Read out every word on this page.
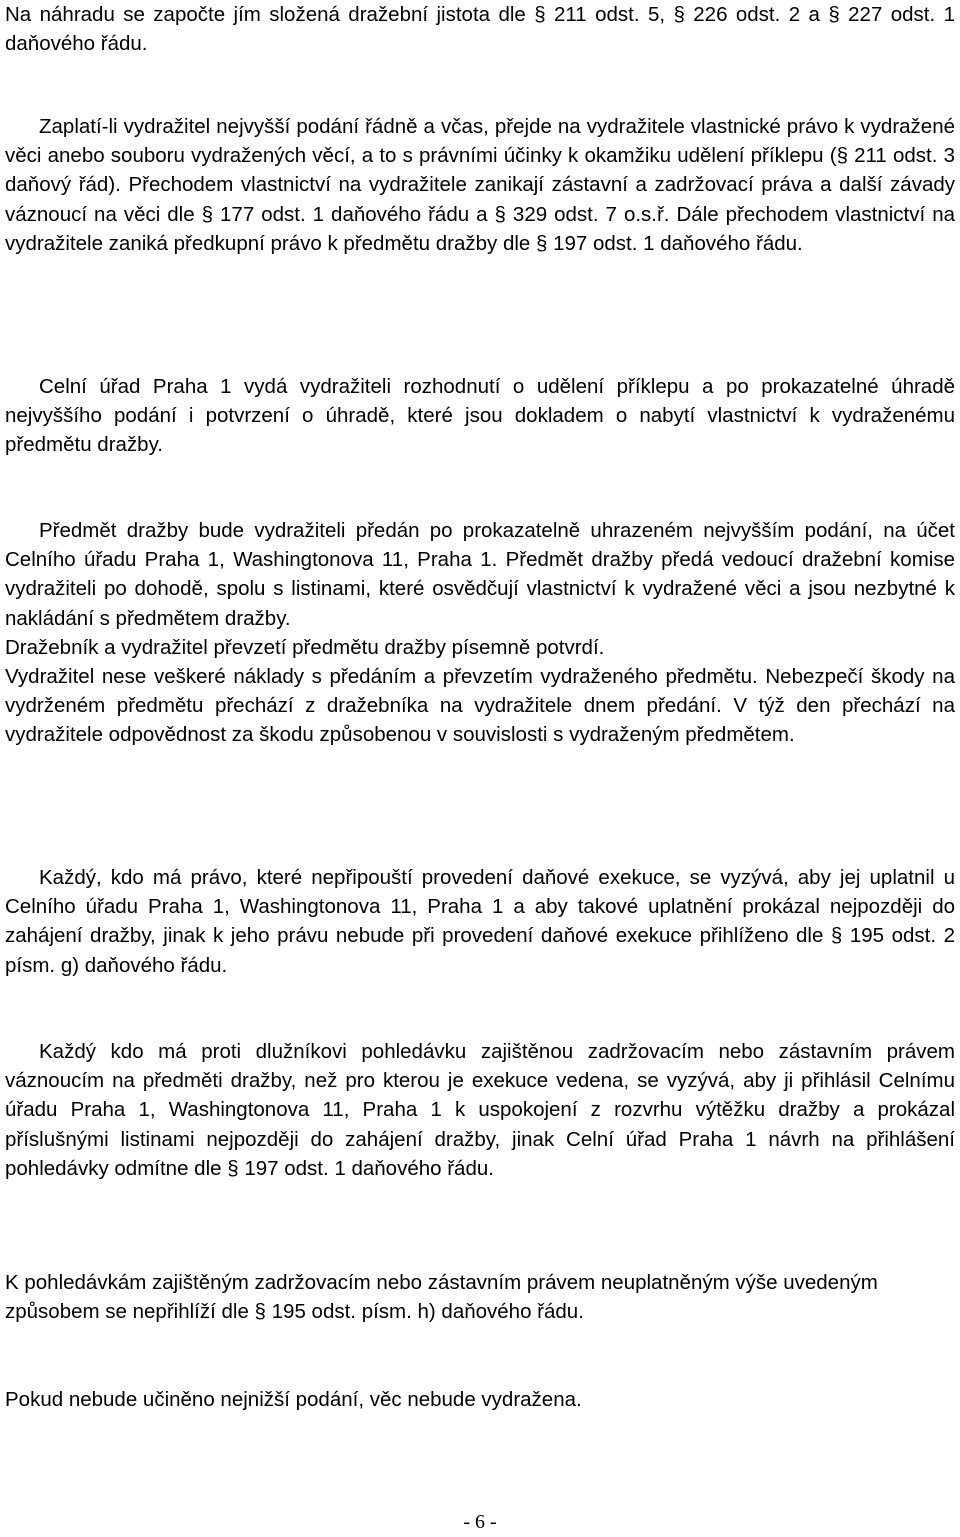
Na náhradu se započte jím složená dražební jistota dle § 211 odst. 5, § 226 odst. 2 a § 227 odst. 1 daňového řádu.

Zaplatí-li vydražitel nejvyšší podání řádně a včas, přejde na vydražitele vlastnické právo k vydražené věci anebo souboru vydražených věcí, a to s právními účinky k okamžiku udělení příklepu (§ 211 odst. 3 daňový řád). Přechodem vlastnictví na vydražitele zanikají zástavní a zadržovací práva a další závady váznoucí na věci dle § 177 odst. 1 daňového řádu a § 329 odst. 7 o.s.ř. Dále přechodem vlastnictví na vydražitele zaniká předkupní právo k předmětu dražby dle § 197 odst. 1 daňového řádu.

Celní úřad Praha 1 vydá vydražiteli rozhodnutí o udělení příklepu a po prokazatelné úhradě nejvyššího podání i potvrzení o úhradě, které jsou dokladem o nabytí vlastnictví k vydraženému předmětu dražby.

Předmět dražby bude vydražiteli předán po prokazatelně uhrazeném nejvyšším podání, na účet Celního úřadu Praha 1, Washingtonova 11, Praha 1. Předmět dražby předá vedoucí dražební komise vydražiteli po dohodě, spolu s listinami, které osvědčují vlastnictví k vydražené věci a jsou nezbytné k nakládání s předmětem dražby.

Dražebník a vydražitel převzetí předmětu dražby písemně potvrdí.

Vydražitel nese veškeré náklady s předáním a převzetím vydraženého předmětu. Nebezpečí škody na vydrženém předmětu přechází z dražebníka na vydražitele dnem předání. V týž den přechází na vydražitele odpovědnost za škodu způsobenou v souvislosti s vydraženým předmětem.

Každý, kdo má právo, které nepřipouští provedení daňové exekuce, se vyzývá, aby jej uplatnil u Celního úřadu Praha 1, Washingtonova 11, Praha 1 a aby takové uplatnění prokázal nejpozději do zahájení dražby, jinak k jeho právu nebude při provedení daňové exekuce přihlíženo dle § 195 odst. 2 písm. g) daňového řádu.

Každý kdo má proti dlužníkovi pohledávku zajištěnou zadržovacím nebo zástavním právem váznoucím na předměti dražby, než pro kterou je exekuce vedena, se vyzývá, aby ji přihlásil Celnímu úřadu Praha 1, Washingtonova 11, Praha 1 k uspokojení z rozvrhu výtěžku dražby a prokázal příslušnými listinami nejpozději do zahájení dražby, jinak Celní úřad Praha 1 návrh na přihlášení pohledávky odmítne dle § 197 odst. 1 daňového řádu.

K pohledávkám zajištěným zadržovacím nebo zástavním právem neuplatněným výše uvedeným způsobem se nepřihlíží dle § 195 odst. písm. h) daňového řádu.

Pokud nebude učiněno nejnižší podání, věc nebude vydražena.

- 6 -
